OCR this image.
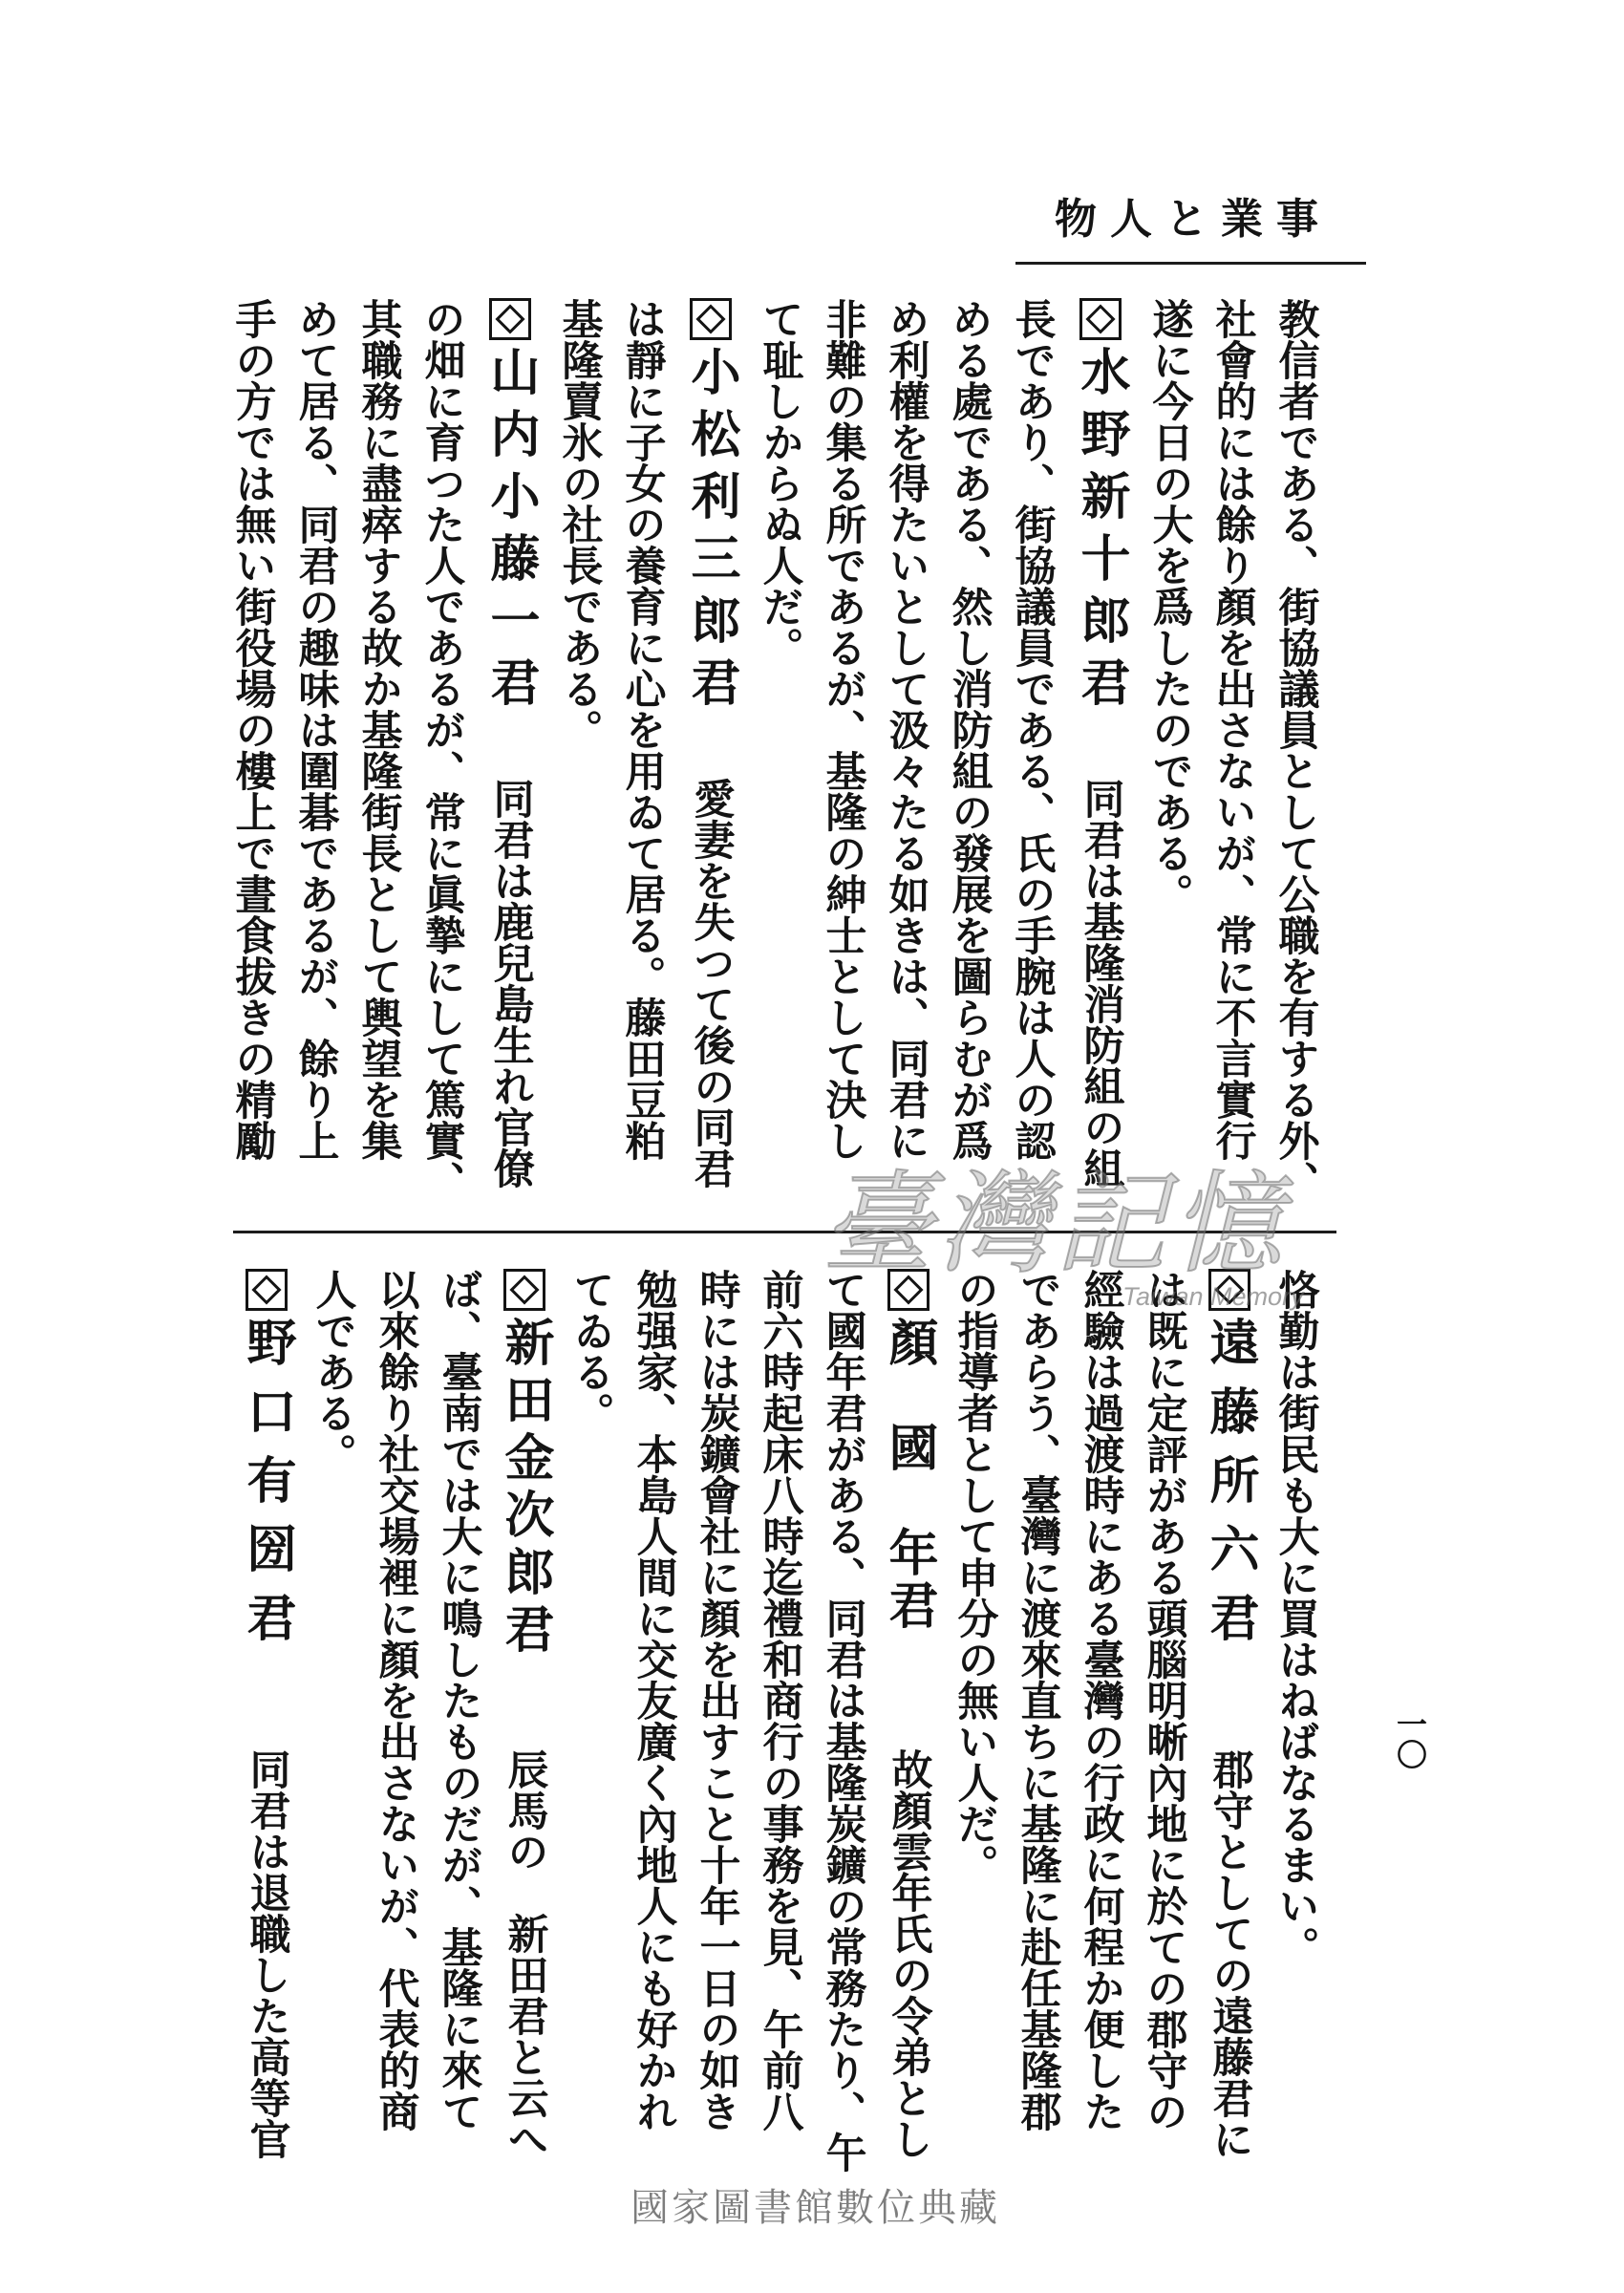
事業と人物
教信者である、街協議員として公職を有する外、
社會的には餘り顏を出さないが、常に不言實行
遂に今日の大を爲したのである。
水野新十郎君
同君は基隆消防組の組
長であり、街協議員である、氏の手腕は人の認
める處である、然し消防組の發展を圖らむが爲
め利權を得たいとして汲々たる如きは、同君に
非難の集る所であるが、基隆の紳士として決し
て耻しからぬ人だ。
小松利三郎君
愛妻を失つて後の同君
は靜に子女の養育に心を用ゐて居る。藤田豆粕
基隆賣氷の社長である。
山内小藤一君
同君は鹿兒島生れ官僚
の畑に育つた人であるが、常に眞摯にして篤實、
其職務に盡瘁する故か基隆街長として輿望を集
めて居る、同君の趣味は圍碁であるが、餘り上
手の方では無い街役場の樓上で晝食拔きの精勵
恪勤は街民も大に買はねばなるまい。
遠藤所六君
郡守としての遠藤君に
は既に定評がある頭腦明晰內地に於ての郡守の
經驗は過渡時にある臺灣の行政に何程か便した
であらう、臺灣に渡來直ちに基隆に赴任基隆郡
の指導者として申分の無い人だ。
顏　國　年君
故顏雲年氏の令弟とし
て國年君がある、同君は基隆炭鑛の常務たり、午
前六時起床八時迄禮和商行の事務を見、午前八
時には炭鑛會社に顏を出すこと十年一日の如き
勉强家、本島人間に交友廣く內地人にも好かれ
てゐる。
新田金次郎君
辰馬の　新田君と云へ
ば、臺南では大に鳴したものだが、基隆に來て
以來餘り社交場裡に顏を出さないが、代表的商
人である。
野口有圀君
同君は退職した高等官
一〇
臺灣記憶
Taiwan Memory
國家圖書館數位典藏
